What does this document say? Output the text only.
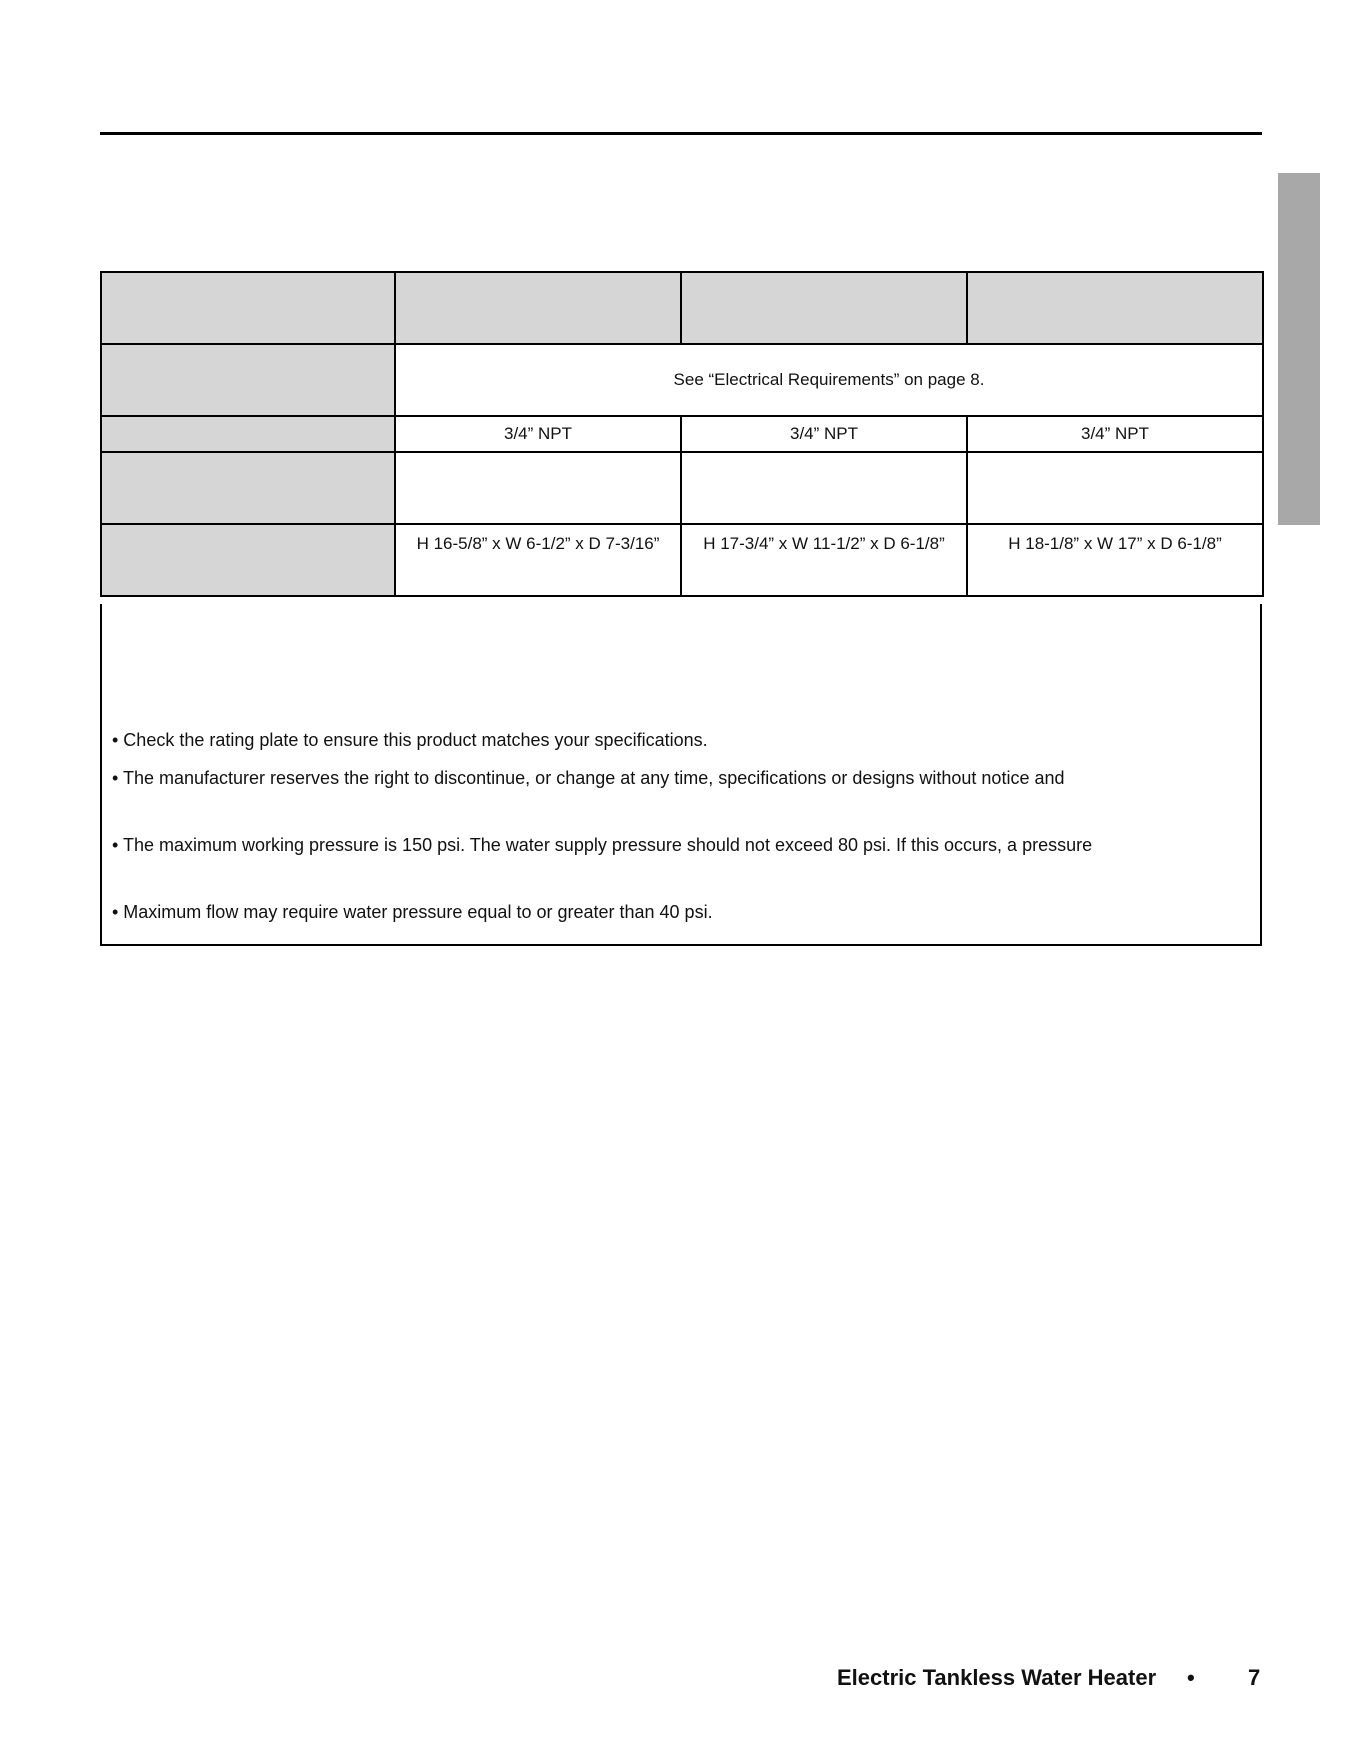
	See “Electrical Requirements” on page 8.		
	3/4” NPT	3/4” NPT	3/4” NPT

	H 16-5/8” x W 6-1/2” x D 7-3/16”	H 17-3/4” x W 11-1/2” x D 6-1/8”	H 18-1/8” x W 17” x D 6-1/8”
• Check the rating plate to ensure this product matches your specifications.
• The manufacturer reserves the right to discontinue, or change at any time, specifications or designs without notice and
• The maximum working pressure is 150 psi. The water supply pressure should not exceed 80 psi. If this occurs, a pressure
• Maximum flow may require water pressure equal to or greater than 40 psi.
Electric Tankless Water Heater • 7
